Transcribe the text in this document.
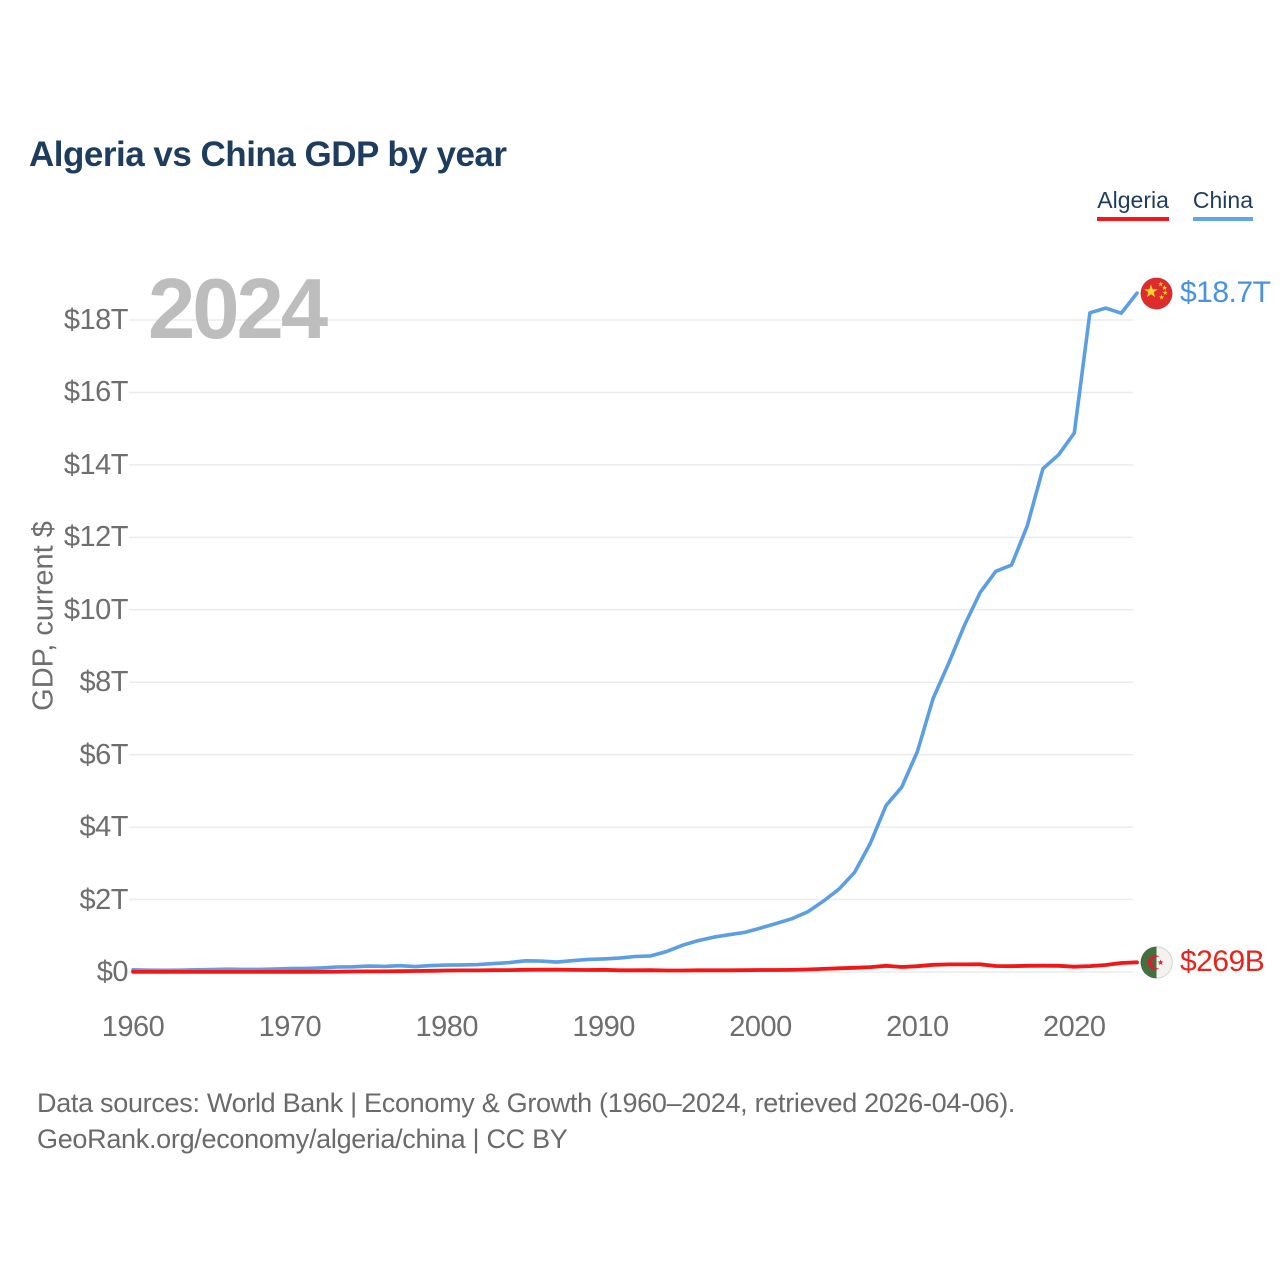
Algeria vs China GDP by year
Algeria China
2024
GDP, current $
$0
$2T
$4T
$6T
$8T
$10T
$12T
$14T
$16T
$18T
1960	1970	1980	1990	2000	2010	2020
$18.7T
$269B
Data sources: World Bank | Economy & Growth (1960–2024, retrieved 2026-04-06).
GeoRank.org/economy/algeria/china | CC BY
